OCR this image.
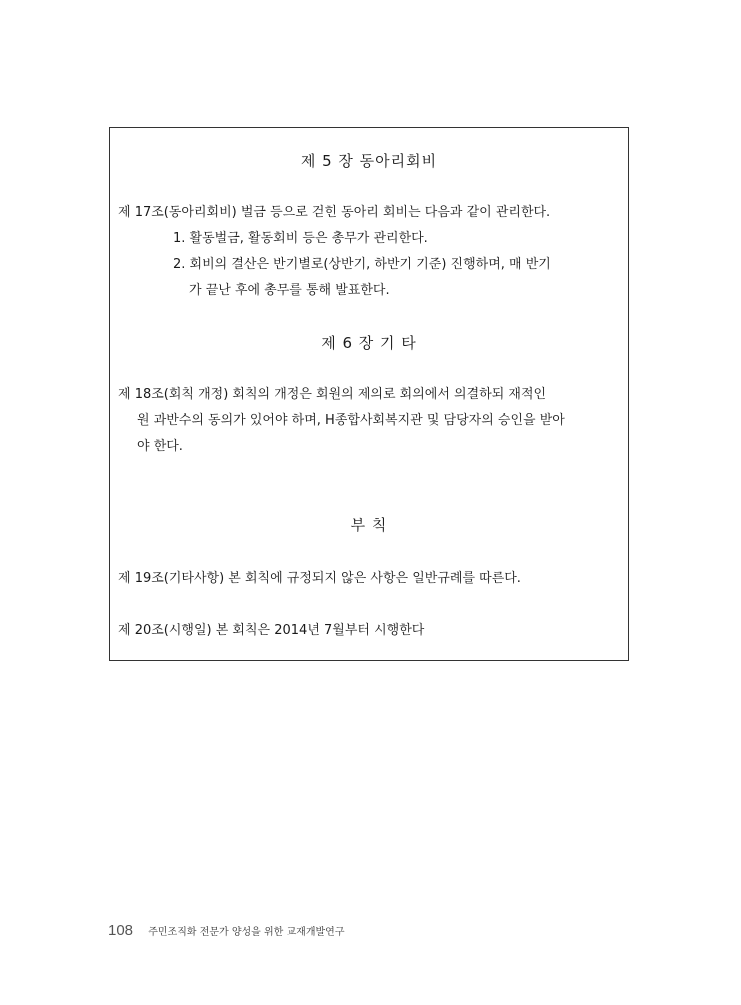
제 5 장 동아리회비
제 17조(동아리회비) 벌금 등으로 걷힌 동아리 회비는 다음과 같이 관리한다.
1. 활동벌금, 활동회비 등은 총무가 관리한다.
2. 회비의 결산은 반기별로(상반기, 하반기 기준) 진행하며, 매 반기
가 끝난 후에 총무를 통해 발표한다.
제 6 장 기 타
제 18조(회칙 개정) 회칙의 개정은 회원의 제의로 회의에서 의결하되 재적인
원 과반수의 동의가 있어야 하며, H종합사회복지관 및 담당자의 승인을 받아
야 한다.
부 칙
제 19조(기타사항) 본 회칙에 규정되지 않은 사항은 일반규례를 따른다.
제 20조(시행일) 본 회칙은 2014년 7월부터 시행한다
108 주민조직화 전문가 양성을 위한 교재개발연구
